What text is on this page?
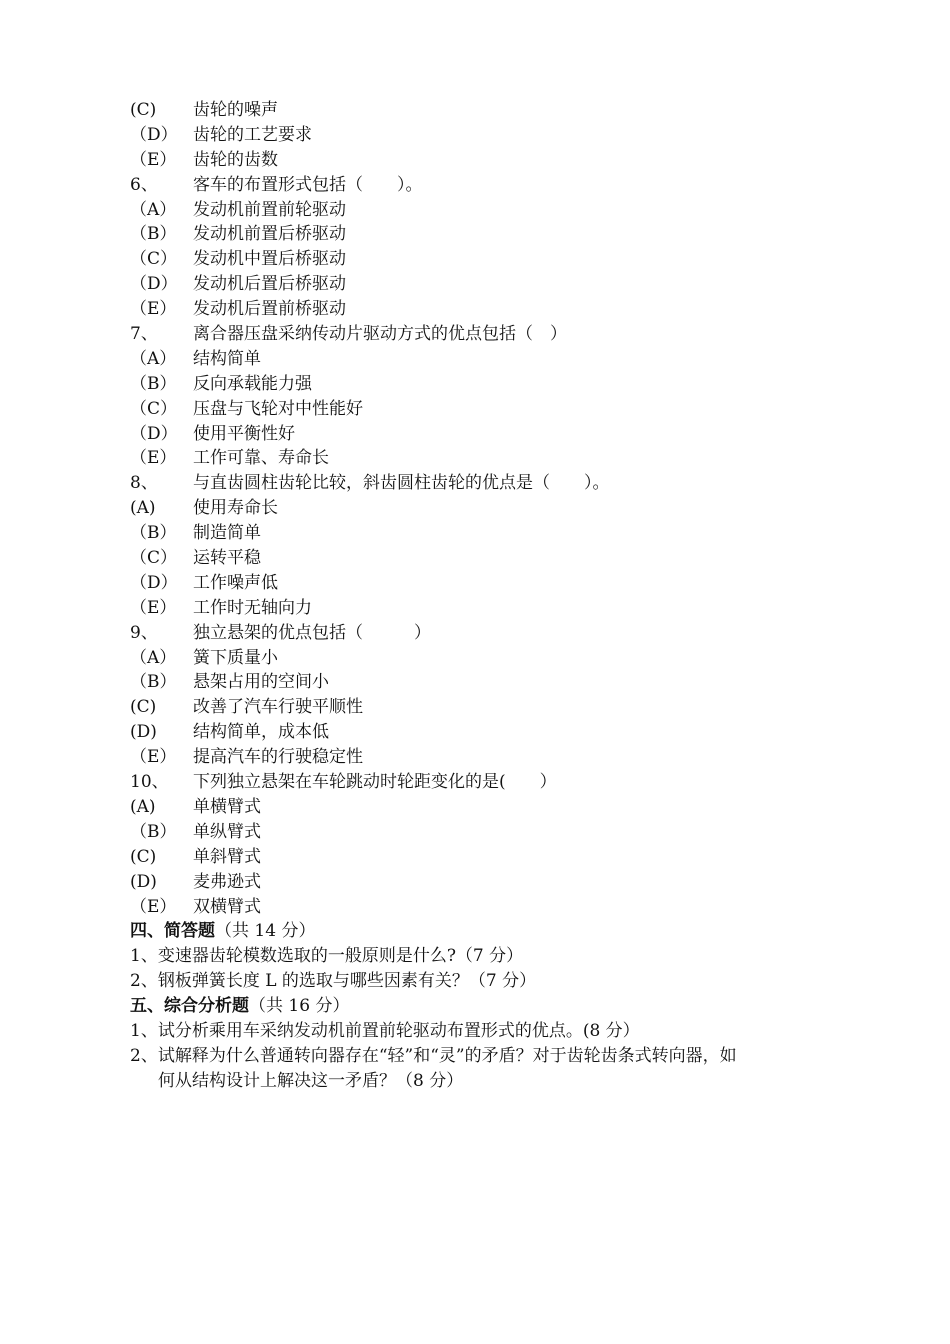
(C) 齿轮的噪声
（D） 齿轮的工艺要求
（E） 齿轮的齿数
6、 客车的布置形式包括（　　）。
（A） 发动机前置前轮驱动
（B） 发动机前置后桥驱动
（C） 发动机中置后桥驱动
（D） 发动机后置后桥驱动
（E） 发动机后置前桥驱动
7、 离合器压盘采纳传动片驱动方式的优点包括（　）
（A） 结构简单
（B） 反向承载能力强
（C） 压盘与飞轮对中性能好
（D） 使用平衡性好
（E） 工作可靠、寿命长
8、 与直齿圆柱齿轮比较，斜齿圆柱齿轮的优点是（　　）。
(A) 使用寿命长
（B） 制造简单
（C） 运转平稳
（D） 工作噪声低
（E） 工作时无轴向力
9、 独立悬架的优点包括（　　　）
（A） 簧下质量小
（B） 悬架占用的空间小
(C) 改善了汽车行驶平顺性
(D) 结构简单，成本低
（E） 提高汽车的行驶稳定性
10、 下列独立悬架在车轮跳动时轮距变化的是(　　）
(A) 单横臂式
（B） 单纵臂式
(C) 单斜臂式
(D) 麦弗逊式
（E） 双横臂式
四、简答题（共 14 分）
1、变速器齿轮模数选取的一般原则是什么?（7 分）
2、钢板弹簧长度 L 的选取与哪些因素有关？（7 分）
五、综合分析题（共 16 分）
1、试分析乘用车采纳发动机前置前轮驱动布置形式的优点。(8 分）
2、试解释为什么普通转向器存在“轻”和“灵”的矛盾？对于齿轮齿条式转向器，如
何从结构设计上解决这一矛盾？（8 分）
